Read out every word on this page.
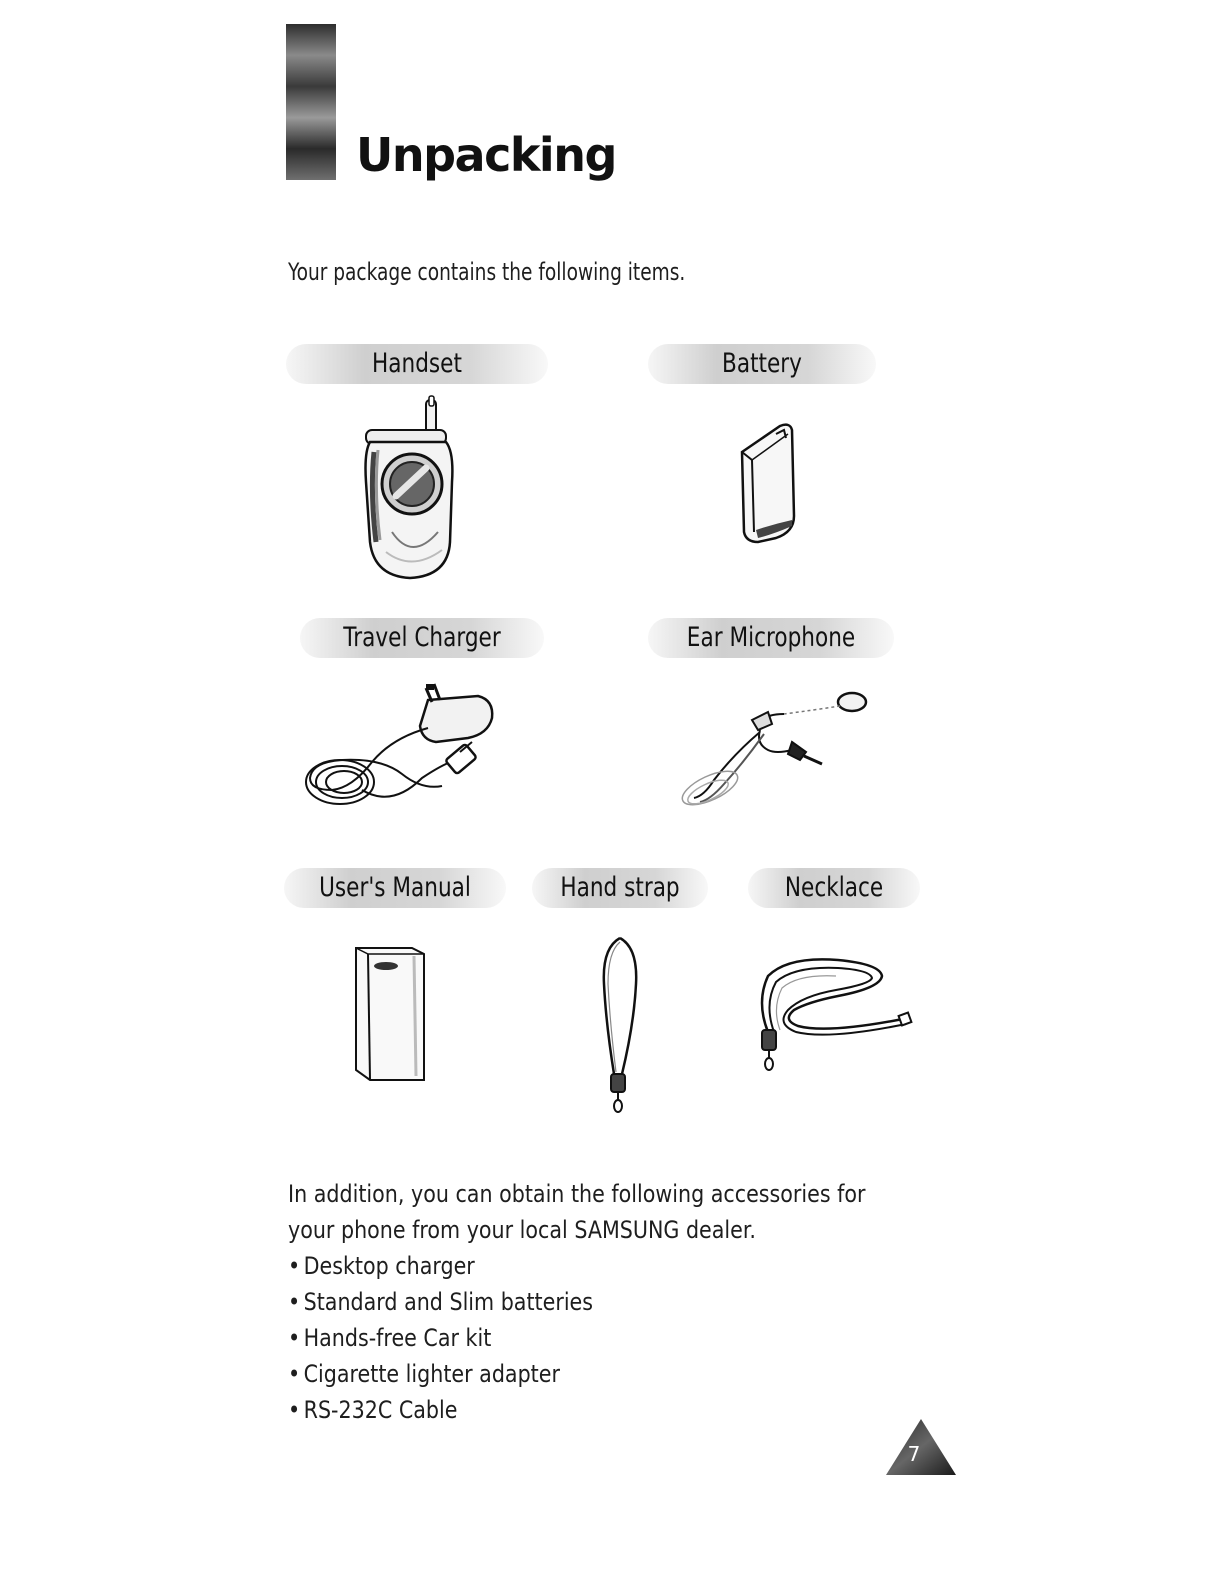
Unpacking

Your package contains the following items.

Handset	Battery
Travel Charger	Ear Microphone
User's Manual	Hand strap	Necklace

In addition, you can obtain the following accessories for

your phone from your local SAMSUNG dealer.

• Desktop charger
• Standard and Slim batteries
• Hands-free Car kit
• Cigarette lighter adapter
• RS-232C Cable
7
